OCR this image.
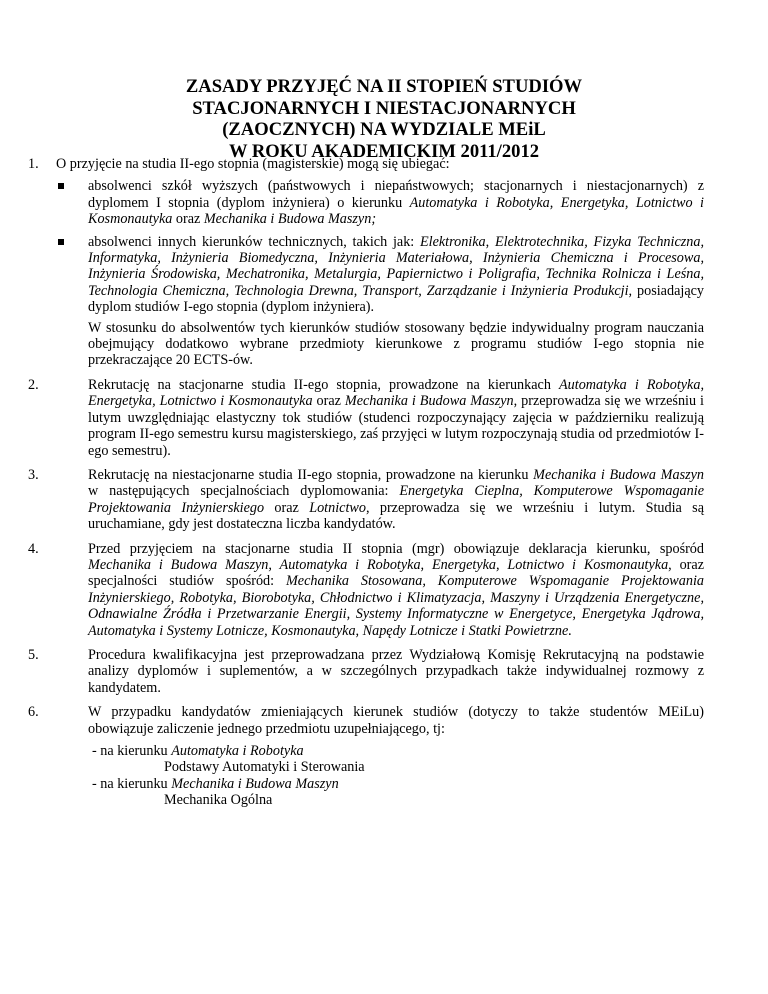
ZASADY PRZYJĘĆ NA II STOPIEŃ STUDIÓW
STACJONARNYCH I NIESTACJONARNYCH
(ZAOCZNYCH) NA WYDZIALE MEiL
W ROKU AKADEMICKIM 2011/2012
1. O przyjęcie na studia II-ego stopnia (magisterskie) mogą się ubiegać:
absolwenci szkół wyższych (państwowych i niepaństwowych; stacjonarnych i niestacjonarnych) z dyplomem I stopnia (dyplom inżyniera) o kierunku Automatyka i Robotyka, Energetyka, Lotnictwo i Kosmonautyka oraz Mechanika i Budowa Maszyn;
absolwenci innych kierunków technicznych, takich jak: Elektronika, Elektrotechnika, Fizyka Techniczna, Informatyka, Inżynieria Biomedyczna, Inżynieria Materiałowa, Inżynieria Chemiczna i Procesowa, Inżynieria Środowiska, Mechatronika, Metalurgia, Papiernictwo i Poligrafia, Technika Rolnicza i Leśna, Technologia Chemiczna, Technologia Drewna, Transport, Zarządzanie i Inżynieria Produkcji, posiadający dyplom studiów I-ego stopnia (dyplom inżyniera).
W stosunku do absolwentów tych kierunków studiów stosowany będzie indywidualny program nauczania obejmujący dodatkowo wybrane przedmioty kierunkowe z programu studiów I-ego stopnia nie przekraczające 20 ECTS-ów.
2.	Rekrutację na stacjonarne studia II-ego stopnia, prowadzone na kierunkach Automatyka i Robotyka, Energetyka, Lotnictwo i Kosmonautyka oraz Mechanika i Budowa Maszyn, przeprowadza się we wrześniu i lutym uwzględniając elastyczny tok studiów (studenci rozpoczynający zajęcia w październiku realizują program II-ego semestru kursu magisterskiego, zaś przyjęci w lutym rozpoczynają studia od przedmiotów I-ego semestru).
3.	Rekrutację na niestacjonarne studia II-ego stopnia, prowadzone na kierunku Mechanika i Budowa Maszyn w następujących specjalnościach dyplomowania: Energetyka Cieplna, Komputerowe Wspomaganie Projektowania Inżynierskiego oraz Lotnictwo, przeprowadza się we wrześniu i lutym. Studia są uruchamiane, gdy jest dostateczna liczba kandydatów.
4.	Przed przyjęciem na stacjonarne studia II stopnia (mgr) obowiązuje deklaracja kierunku, spośród Mechanika i Budowa Maszyn, Automatyka i Robotyka, Energetyka, Lotnictwo i Kosmonautyka, oraz specjalności studiów spośród: Mechanika Stosowana, Komputerowe Wspomaganie Projektowania Inżynierskiego, Robotyka, Biorobotyka, Chłodnictwo i Klimatyzacja, Maszyny i Urządzenia Energetyczne, Odnawialne Źródła i Przetwarzanie Energii, Systemy Informatyczne w Energetyce, Energetyka Jądrowa, Automatyka i Systemy Lotnicze, Kosmonautyka, Napędy Lotnicze i Statki Powietrzne.
5.	Procedura kwalifikacyjna jest przeprowadzana przez Wydziałową Komisję Rekrutacyjną na podstawie analizy dyplomów i suplementów, a w szczególnych przypadkach także indywidualnej rozmowy z kandydatem.
6.	W przypadku kandydatów zmieniających kierunek studiów (dotyczy to także studentów MEiLu) obowiązuje zaliczenie jednego przedmiotu uzupełniającego, tj:
- na kierunku Automatyka i Robotyka
Podstawy Automatyki i Sterowania
- na kierunku Mechanika i Budowa Maszyn
Mechanika Ogólna
